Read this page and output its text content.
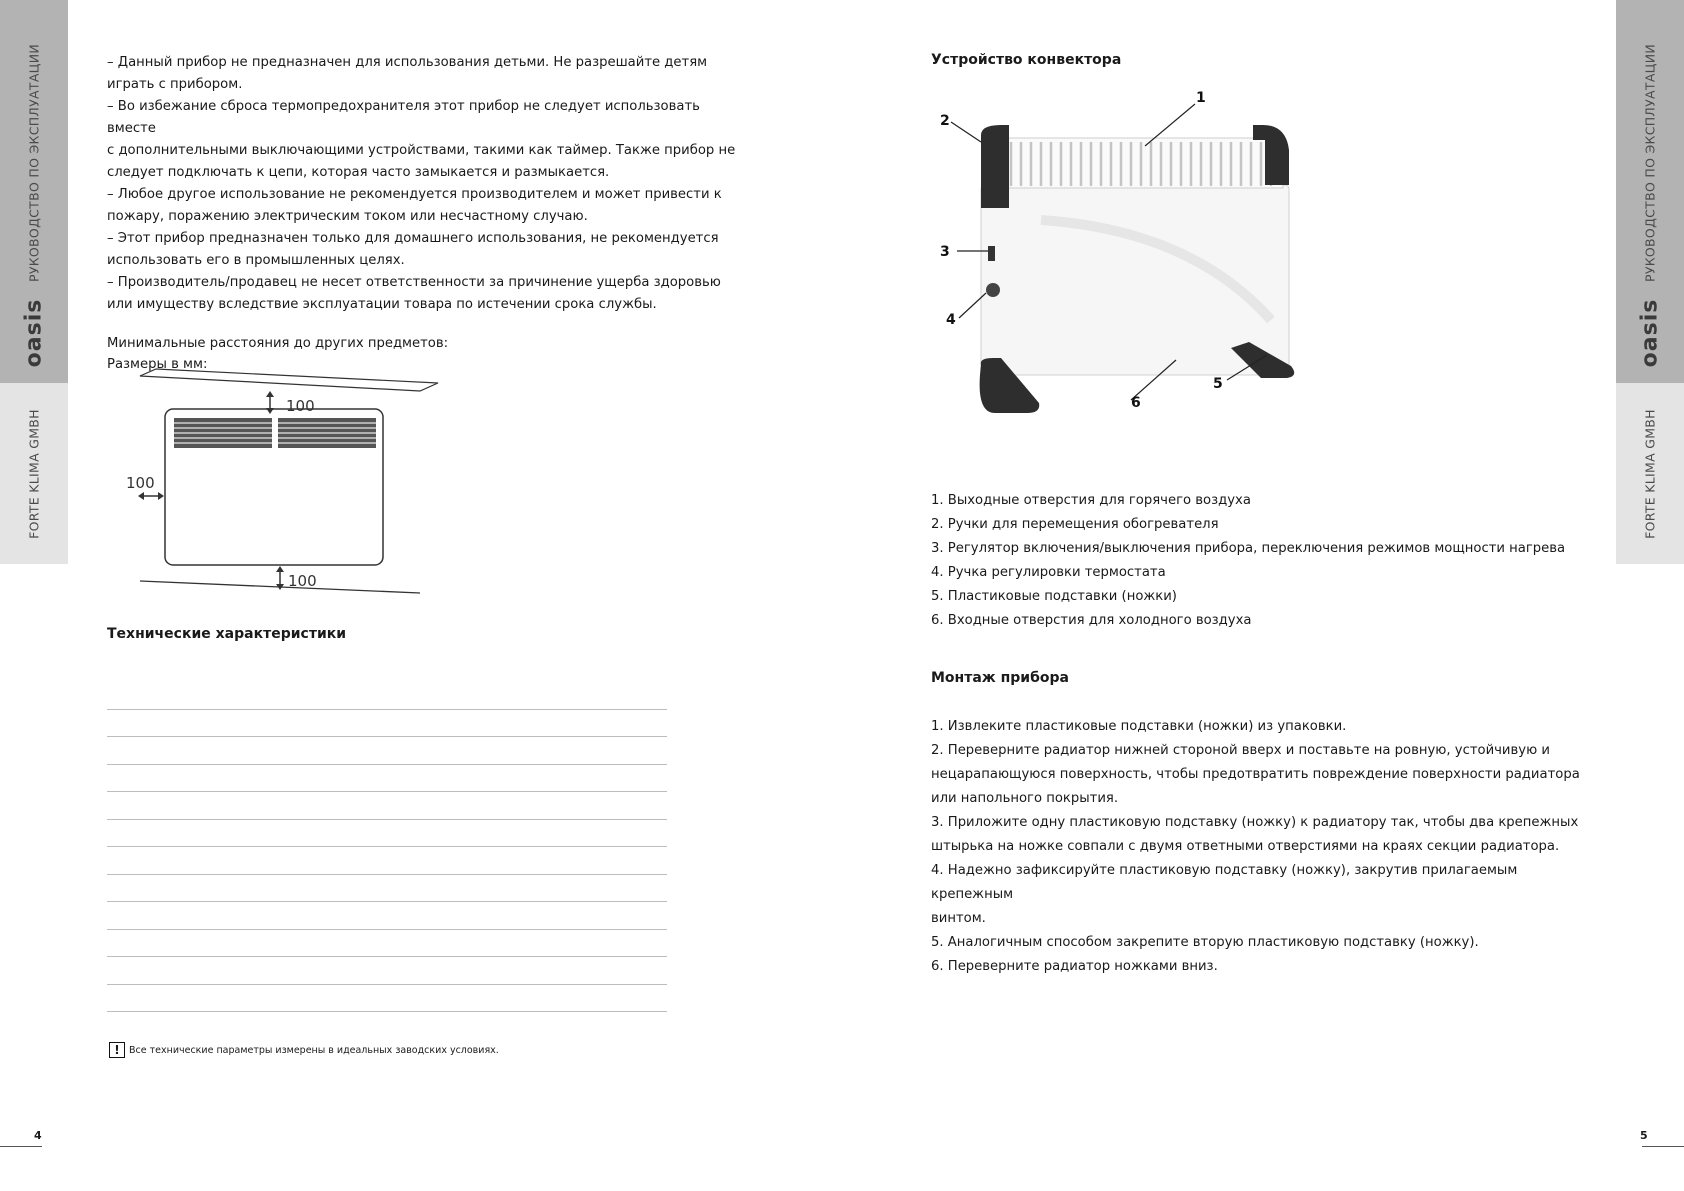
РУКОВОДСТВО ПО ЭКСПЛУАТАЦИИ
oasis
FORTE KLIMA GMBH
РУКОВОДСТВО ПО ЭКСПЛУАТАЦИИ
oasis
FORTE KLIMA GMBH
4	5

– Данный прибор не предназначен для использования детьми. Не разрешайте детям
играть с прибором.

– Во избежание сброса термопредохранителя этот прибор не следует использовать вместе
с дополнительными выключающими устройствами, такими как таймер. Также прибор не
следует подключать к цепи, которая часто замыкается и размыкается.

– Любое другое использование не рекомендуется производителем и может привести к
пожару, поражению электрическим током или несчастному случаю.

– Этот прибор предназначен только для домашнего использования, не рекомендуется
использовать его в промышленных целях.

– Производитель/продавец не несет ответственности за причинение ущерба здоровью
или имуществу вследствие эксплуатации товара по истечении срока службы.

Минимальные расстояния до других предметов:
Размеры в мм:
100
100
100
Технические характеристики
! Все технические параметры измерены в идеальных заводских условиях.
Устройство конвектора
1
2
3
4
5
6
1. Выходные отверстия для горячего воздуха
2. Ручки для перемещения обогревателя
3. Регулятор включения/выключения прибора, переключения режимов мощности нагрева
4. Ручка регулировки термостата
5. Пластиковые подставки (ножки)
6. Входные отверстия для холодного воздуха
Монтаж прибора
1. Извлеките пластиковые подставки (ножки) из упаковки.
2. Переверните радиатор нижней стороной вверх и поставьте на ровную, устойчивую и
нецарапающуюся поверхность, чтобы предотвратить повреждение поверхности радиатора
или напольного покрытия.
3. Приложите одну пластиковую подставку (ножку) к радиатору так, чтобы два крепежных
штырька на ножке совпали с двумя ответными отверстиями на краях секции радиатора.
4. Надежно зафиксируйте пластиковую подставку (ножку), закрутив прилагаемым крепежным
винтом.
5. Аналогичным способом закрепите вторую пластиковую подставку (ножку).
6. Переверните радиатор ножками вниз.
